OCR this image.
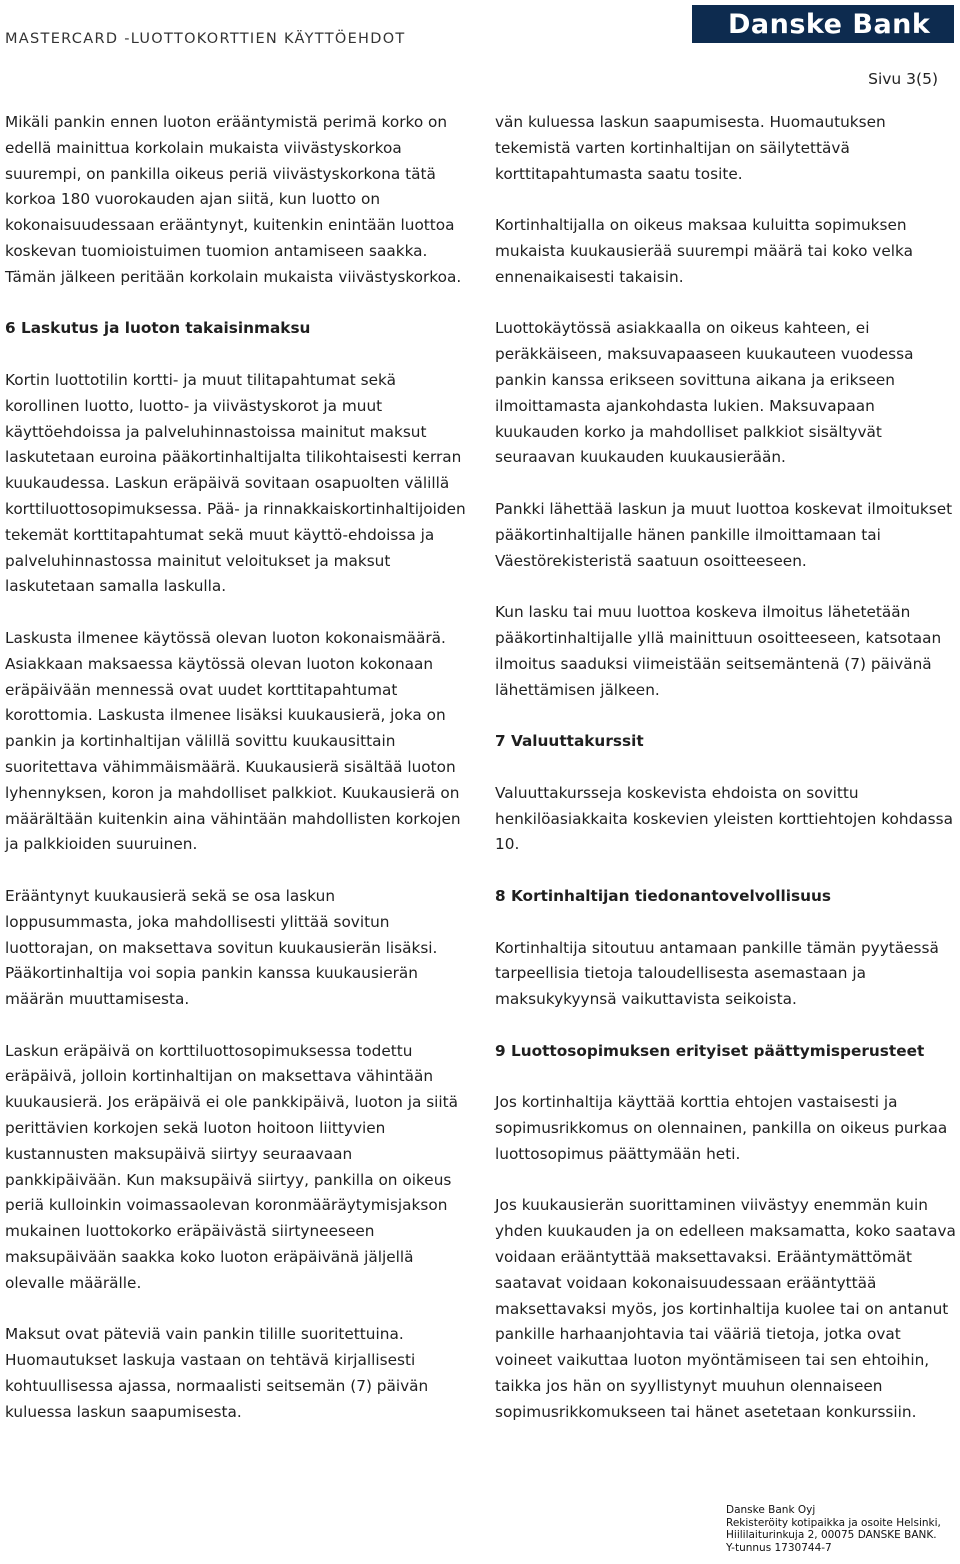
MASTERCARD -LUOTTOKORTTIEN KÄYTTÖEHDOT	Danske Bank
Sivu 3(5)

Mikäli pankin ennen luoton erääntymistä perimä korko on edellä mainittua korkolain mukaista viivästyskorkoa suurempi, on pankilla oikeus periä viivästyskorkona tätä korkoa 180 vuorokauden ajan siitä, kun luotto on kokonaisuudessaan erääntynyt, kuitenkin enintään luottoa koskevan tuomioistuimen tuomion antamiseen saakka. Tämän jälkeen peritään korkolain mukaista viivästyskorkoa.

6 Laskutus ja luoton takaisinmaksu

Kortin luottotilin kortti- ja muut tilitapahtumat sekä korollinen luotto, luotto- ja viivästyskorot ja muut käyttöehdoissa ja palveluhinnastoissa mainitut maksut laskutetaan euroina pääkortinhaltijalta tilikohtaisesti kerran kuukaudessa. Laskun eräpäivä sovitaan osapuolten välillä korttiluottosopimuksessa. Pää- ja rinnakkaiskortinhaltijoiden tekemät korttitapahtumat sekä muut käyttö-ehdoissa ja palveluhinnastossa mainitut veloitukset ja maksut laskutetaan samalla laskulla.

Laskusta ilmenee käytössä olevan luoton kokonaismäärä. Asiakkaan maksaessa käytössä olevan luoton kokonaan eräpäivään mennessä ovat uudet korttitapahtumat korottomia. Laskusta ilmenee lisäksi kuukausierä, joka on pankin ja kortinhaltijan välillä sovittu kuukausittain suoritettava vähimmäismäärä. Kuukausierä sisältää luoton lyhennyksen, koron ja mahdolliset palkkiot. Kuukausierä on määrältään kuitenkin aina vähintään mahdollisten korkojen ja palkkioiden suuruinen.

Erääntynyt kuukausierä sekä se osa laskun loppusummasta, joka mahdollisesti ylittää sovitun luottorajan, on maksettava sovitun kuukausierän lisäksi. Pääkortinhaltija voi sopia pankin kanssa kuukausierän määrän muuttamisesta.

Laskun eräpäivä on korttiluottosopimuksessa todettu eräpäivä, jolloin kortinhaltijan on maksettava vähintään kuukausierä. Jos eräpäivä ei ole pankkipäivä, luoton ja siitä perittävien korkojen sekä luoton hoitoon liittyvien kustannusten maksupäivä siirtyy seuraavaan pankkipäivään. Kun maksupäivä siirtyy, pankilla on oikeus periä kulloinkin voimassaolevan koronmääräytymisjakson mukainen luottokorko eräpäivästä siirtyneeseen maksupäivään saakka koko luoton eräpäivänä jäljellä olevalle määrälle.

Maksut ovat päteviä vain pankin tilille suoritettuina. Huomautukset laskuja vastaan on tehtävä kirjallisesti kohtuullisessa ajassa, normaalisti seitsemän (7) päivän kuluessa laskun saapumisesta.

vän kuluessa laskun saapumisesta. Huomautuksen tekemistä varten kortinhaltijan on säilytettävä korttitapahtumasta saatu tosite.

Kortinhaltijalla on oikeus maksaa kuluitta sopimuksen mukaista kuukausierää suurempi määrä tai koko velka ennenaikaisesti takaisin.

Luottokäytössä asiakkaalla on oikeus kahteen, ei peräkkäiseen, maksuvapaaseen kuukauteen vuodessa pankin kanssa erikseen sovittuna aikana ja erikseen ilmoittamasta ajankohdasta lukien. Maksuvapaan kuukauden korko ja mahdolliset palkkiot sisältyvät seuraavan kuukauden kuukausierään.

Pankki lähettää laskun ja muut luottoa koskevat ilmoitukset pääkortinhaltijalle hänen pankille ilmoittamaan tai Väestörekisteristä saatuun osoitteeseen.

Kun lasku tai muu luottoa koskeva ilmoitus lähetetään pääkortinhaltijalle yllä mainittuun osoitteeseen, katsotaan ilmoitus saaduksi viimeistään seitsemäntenä (7) päivänä lähettämisen jälkeen.

7 Valuuttakurssit

Valuuttakursseja koskevista ehdoista on sovittu henkilöasiakkaita koskevien yleisten korttiehtojen kohdassa 10.

8 Kortinhaltijan tiedonantovelvollisuus

Kortinhaltija sitoutuu antamaan pankille tämän pyytäessä tarpeellisia tietoja taloudellisesta asemastaan ja maksukykyynsä vaikuttavista seikoista.

9 Luottosopimuksen erityiset päättymisperusteet

Jos kortinhaltija käyttää korttia ehtojen vastaisesti ja sopimusrikkomus on olennainen, pankilla on oikeus purkaa luottosopimus päättymään heti.

Jos kuukausierän suorittaminen viivästyy enemmän kuin yhden kuukauden ja on edelleen maksamatta, koko saatava voidaan erääntyttää maksettavaksi. Erääntymättömät saatavat voidaan kokonaisuudessaan erääntyttää maksettavaksi myös, jos kortinhaltija kuolee tai on antanut pankille harhaanjohtavia tai vääriä tietoja, jotka ovat voineet vaikuttaa luoton myöntämiseen tai sen ehtoihin, taikka jos hän on syyllistynyt muuhun olennaiseen sopimusrikkomukseen tai hänet asetetaan konkurssiin.

Danske Bank Oyj
Rekisteröity kotipaikka ja osoite Helsinki,
Hiililaiturinkuja 2, 00075 DANSKE BANK.
Y-tunnus 1730744-7
